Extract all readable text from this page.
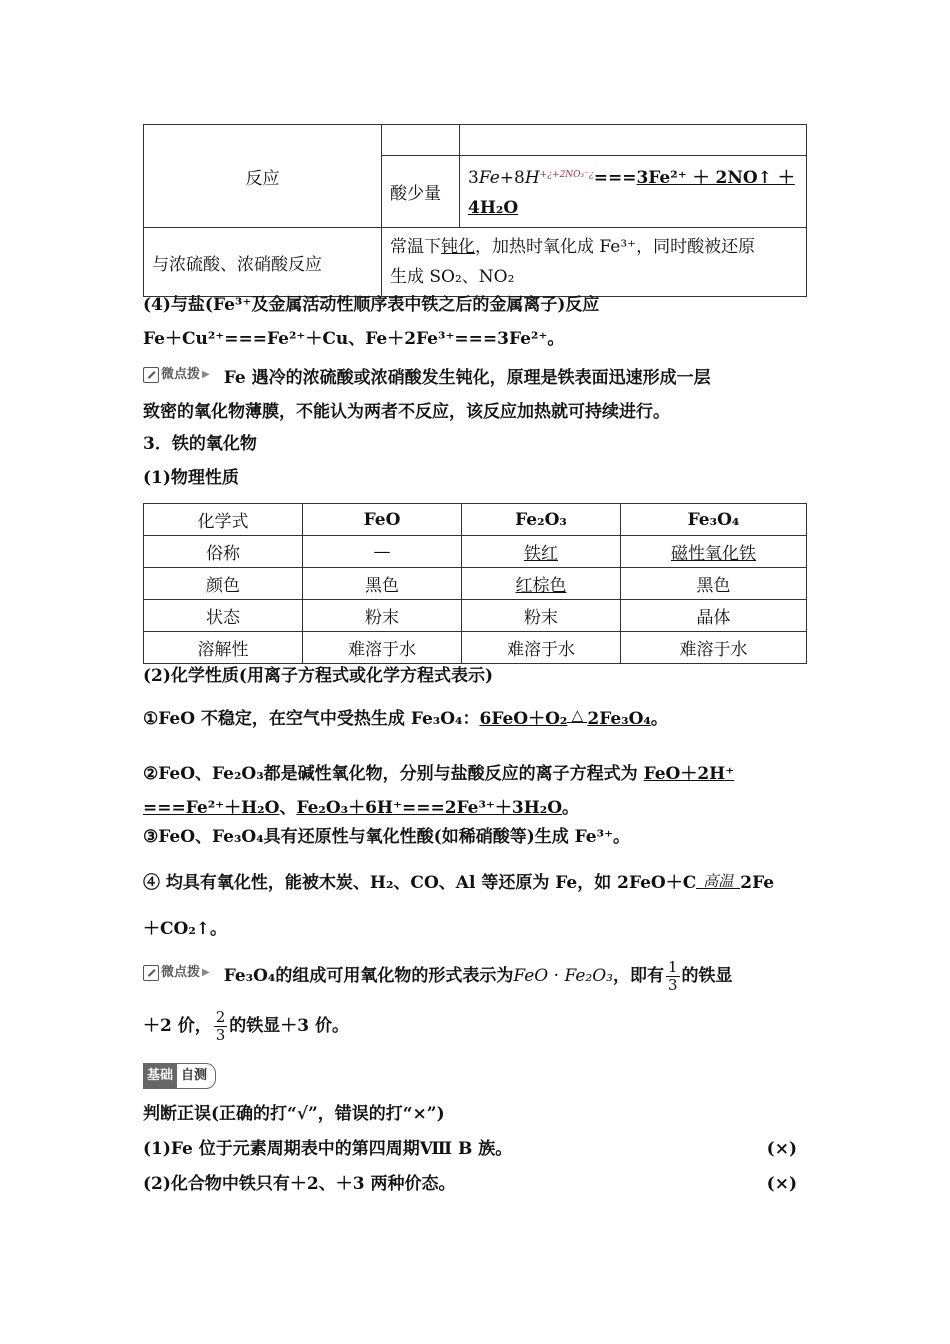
反应		
	酸少量	$3Fe+8H^{+¿+2NO_3^-¿}===3Fe^{2+}$ ＋ 2NO↑ ＋
4H₂O
与浓硫酸、浓硝酸反应	常温下钝化，加热时氧化成 Fe³⁺，同时酸被还原
生成 SO₂、NO₂	
(4)与盐(Fe³⁺及金属活动性顺序表中铁之后的金属离子)反应
Fe＋Cu²⁺===Fe²⁺＋Cu、Fe＋2Fe³⁺===3Fe²⁺。
微点拨 ▶ Fe 遇冷的浓硫酸或浓硝酸发生钝化，原理是铁表面迅速形成一层
致密的氧化物薄膜，不能认为两者不反应，该反应加热就可持续进行。
3．铁的氧化物
(1)物理性质
化学式	FeO	Fe₂O₃	Fe₃O₄
俗称	—	铁红	磁性氧化铁
颜色	黑色	红棕色	黑色
状态	粉末	粉末	晶体
溶解性	难溶于水	难溶于水	难溶于水
(2)化学性质(用离子方程式或化学方程式表示)
①FeO 不稳定，在空气中受热生成 Fe₃O₄：6FeO＋O₂ △ 2Fe₃O₄。
②FeO、Fe₂O₃都是碱性氧化物，分别与盐酸反应的离子方程式为 FeO＋2H⁺
===Fe²⁺＋H₂O、Fe₂O₃＋6H⁺===2Fe³⁺＋3H₂O。
③FeO、Fe₃O₄具有还原性与氧化性酸(如稀硝酸等)生成 Fe³⁺。
④ 均具有氧化性，能被木炭、H₂、CO、Al 等还原为 Fe，如 2FeO＋C 高温 2Fe
＋CO₂↑。
微点拨 ▶ Fe₃O₄的组成可用氧化物的形式表示为FeO · Fe₂O₃，即有 $\frac{1}{3}$ 的铁显
＋2 价， $\frac{2}{3}$ 的铁显＋3 价。
基础 自测
判断正误(正确的打“√”，错误的打“×”)
(1)Fe 位于元素周期表中的第四周期Ⅷ B 族。	(×)
(2)化合物中铁只有＋2、＋3 两种价态。	(×)
